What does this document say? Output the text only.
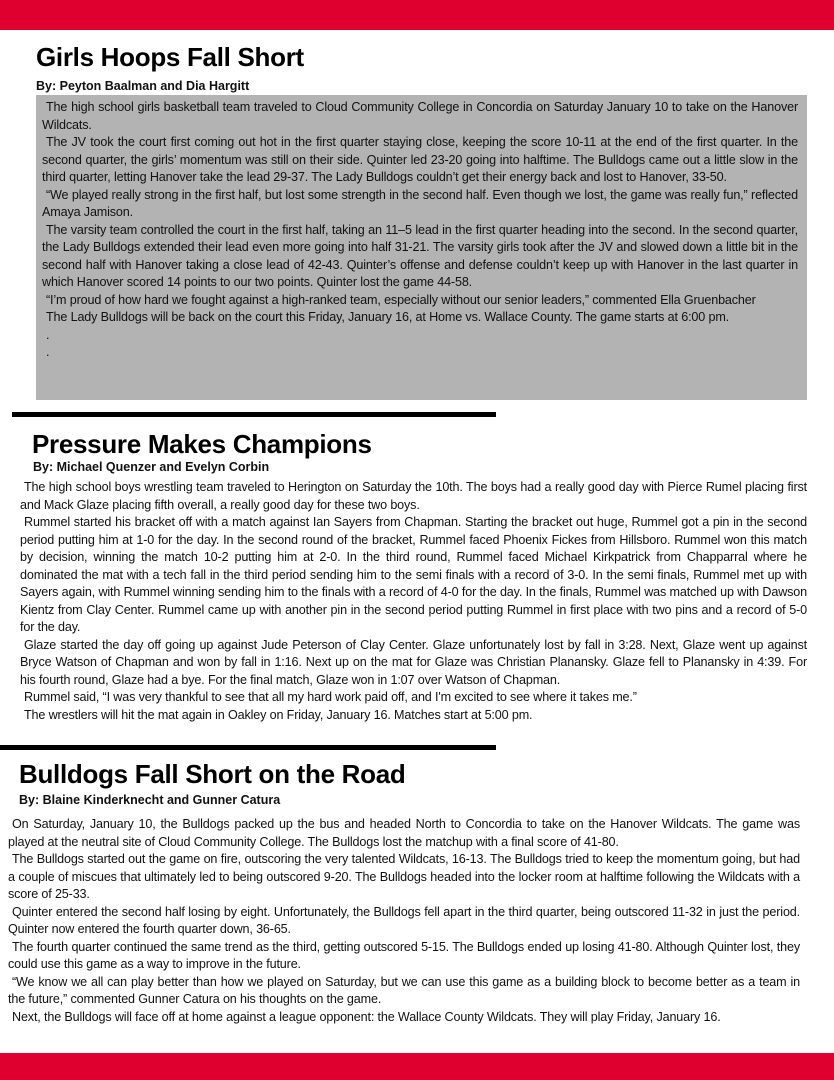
Girls Hoops Fall Short
By: Peyton Baalman and Dia Hargitt

The high school girls basketball team traveled to Cloud Community College in Concordia on Saturday January 10 to take on the Hanover Wildcats.

The JV took the court first coming out hot in the first quarter staying close, keeping the score 10-11 at the end of the first quarter. In the second quarter, the girls’ momentum was still on their side. Quinter led 23-20 going into halftime. The Bulldogs came out a little slow in the third quarter, letting Hanover take the lead 29-37. The Lady Bulldogs couldn’t get their energy back and lost to Hanover, 33-50.

“We played really strong in the first half, but lost some strength in the second half. Even though we lost, the game was really fun,” reflected Amaya Jamison.

The varsity team controlled the court in the first half, taking an 11–5 lead in the first quarter heading into the second. In the second quarter, the Lady Bulldogs extended their lead even more going into half 31-21. The varsity girls took after the JV and slowed down a little bit in the second half with Hanover taking a close lead of 42-43. Quinter’s offense and defense couldn’t keep up with Hanover in the last quarter in which Hanover scored 14 points to our two points. Quinter lost the game 44-58.

“I’m proud of how hard we fought against a high-ranked team, especially without our senior leaders,” commented Ella Gruenbacher

The Lady Bulldogs will be back on the court this Friday, January 16, at Home vs. Wallace County. The game starts at 6:00 pm.

.

.

Pressure Makes Champions
By: Michael Quenzer and Evelyn Corbin

The high school boys wrestling team traveled to Herington on Saturday the 10th. The boys had a really good day with Pierce Rumel placing first and Mack Glaze placing fifth overall, a really good day for these two boys.

Rummel started his bracket off with a match against Ian Sayers from Chapman. Starting the bracket out huge, Rummel got a pin in the second period putting him at 1-0 for the day. In the second round of the bracket, Rummel faced Phoenix Fickes from Hillsboro. Rummel won this match by decision, winning the match 10-2 putting him at 2-0. In the third round, Rummel faced Michael Kirkpatrick from Chapparral where he dominated the mat with a tech fall in the third period sending him to the semi finals with a record of 3-0. In the semi finals, Rummel met up with Sayers again, with Rummel winning sending him to the finals with a record of 4-0 for the day. In the finals, Rummel was matched up with Dawson Kientz from Clay Center. Rummel came up with another pin in the second period putting Rummel in first place with two pins and a record of 5-0 for the day.

Glaze started the day off going up against Jude Peterson of Clay Center. Glaze unfortunately lost by fall in 3:28. Next, Glaze went up against Bryce Watson of Chapman and won by fall in 1:16. Next up on the mat for Glaze was Christian Planansky. Glaze fell to Planansky in 4:39. For his fourth round, Glaze had a bye. For the final match, Glaze won in 1:07 over Watson of Chapman.

Rummel said, “I was very thankful to see that all my hard work paid off, and I'm excited to see where it takes me.”

The wrestlers will hit the mat again in Oakley on Friday, January 16. Matches start at 5:00 pm.

Bulldogs Fall Short on the Road
By: Blaine Kinderknecht and Gunner Catura

On Saturday, January 10, the Bulldogs packed up the bus and headed North to Concordia to take on the Hanover Wildcats. The game was played at the neutral site of Cloud Community College. The Bulldogs lost the matchup with a final score of 41-80.

The Bulldogs started out the game on fire, outscoring the very talented Wildcats, 16-13. The Bulldogs tried to keep the momentum going, but had a couple of miscues that ultimately led to being outscored 9-20. The Bulldogs headed into the locker room at halftime following the Wildcats with a score of 25-33.

Quinter entered the second half losing by eight. Unfortunately, the Bulldogs fell apart in the third quarter, being outscored 11-32 in just the period. Quinter now entered the fourth quarter down, 36-65.

The fourth quarter continued the same trend as the third, getting outscored 5-15. The Bulldogs ended up losing 41-80. Although Quinter lost, they could use this game as a way to improve in the future.

“We know we all can play better than how we played on Saturday, but we can use this game as a building block to become better as a team in the future,” commented Gunner Catura on his thoughts on the game.

Next, the Bulldogs will face off at home against a league opponent: the Wallace County Wildcats. They will play Friday, January 16.
